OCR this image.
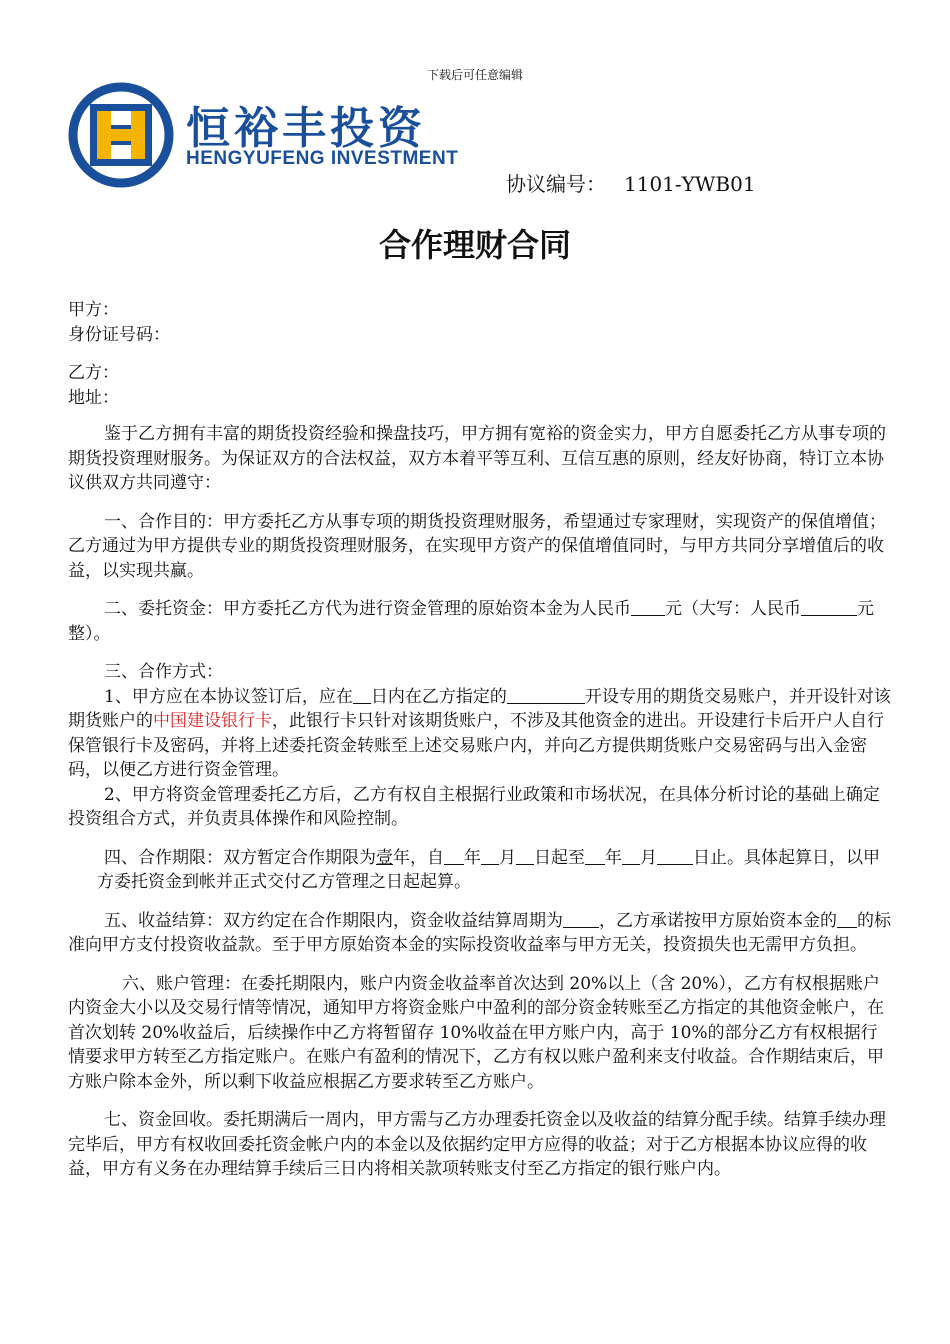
下载后可任意编辑
恒裕丰投资
HENGYUFENG INVESTMENT
协议编号： 1101-YWB01
合作理财合同

甲方：

身份证号码：

乙方：

地址：

鉴于乙方拥有丰富的期货投资经验和操盘技巧，甲方拥有宽裕的资金实力，甲方自愿委托乙方从事专项的期货投资理财服务。为保证双方的合法权益，双方本着平等互利、互信互惠的原则，经友好协商，特订立本协议供双方共同遵守：

一、合作目的：甲方委托乙方从事专项的期货投资理财服务，希望通过专家理财，实现资产的保值增值；乙方通过为甲方提供专业的期货投资理财服务，在实现甲方资产的保值增值同时，与甲方共同分享增值后的收益，以实现共赢。

二、委托资金：甲方委托乙方代为进行资金管理的原始资本金为人民币 元（大写：人民币	元整）。

三、合作方式：

1、甲方应在本协议签订后，应在 日内在乙方指定的	开设专用的期货交易账户，并开设针对该期货账户的中国建设银行卡，此银行卡只针对该期货账户，不涉及其他资金的进出。开设建行卡后开户人自行保管银行卡及密码，并将上述委托资金转账至上述交易账户内，并向乙方提供期货账户交易密码与出入金密码，以便乙方进行资金管理。

2、甲方将资金管理委托乙方后，乙方有权自主根据行业政策和市场状况，在具体分析讨论的基础上确定投资组合方式，并负责具体操作和风险控制。

四、合作期限：双方暂定合作期限为壹年，自 年 月 日起至 年 月 日止。具体起算日，以甲方委托资金到帐并正式交付乙方管理之日起起算。

五、收益结算：双方约定在合作期限内，资金收益结算周期为 ，乙方承诺按甲方原始资本金的 的标准向甲方支付投资收益款。至于甲方原始资本金的实际投资收益率与甲方无关，投资损失也无需甲方负担。

六、账户管理：在委托期限内，账户内资金收益率首次达到 20%以上（含 20%），乙方有权根据账户内资金大小以及交易行情等情况，通知甲方将资金账户中盈利的部分资金转账至乙方指定的其他资金帐户，在首次划转 20%收益后，后续操作中乙方将暂留存 10%收益在甲方账户内，高于 10%的部分乙方有权根据行情要求甲方转至乙方指定账户。在账户有盈利的情况下，乙方有权以账户盈利来支付收益。合作期结束后，甲方账户除本金外，所以剩下收益应根据乙方要求转至乙方账户。

七、资金回收。委托期满后一周内，甲方需与乙方办理委托资金以及收益的结算分配手续。结算手续办理完毕后，甲方有权收回委托资金帐户内的本金以及依据约定甲方应得的收益；对于乙方根据本协议应得的收益，甲方有义务在办理结算手续后三日内将相关款项转账支付至乙方指定的银行账户内。
